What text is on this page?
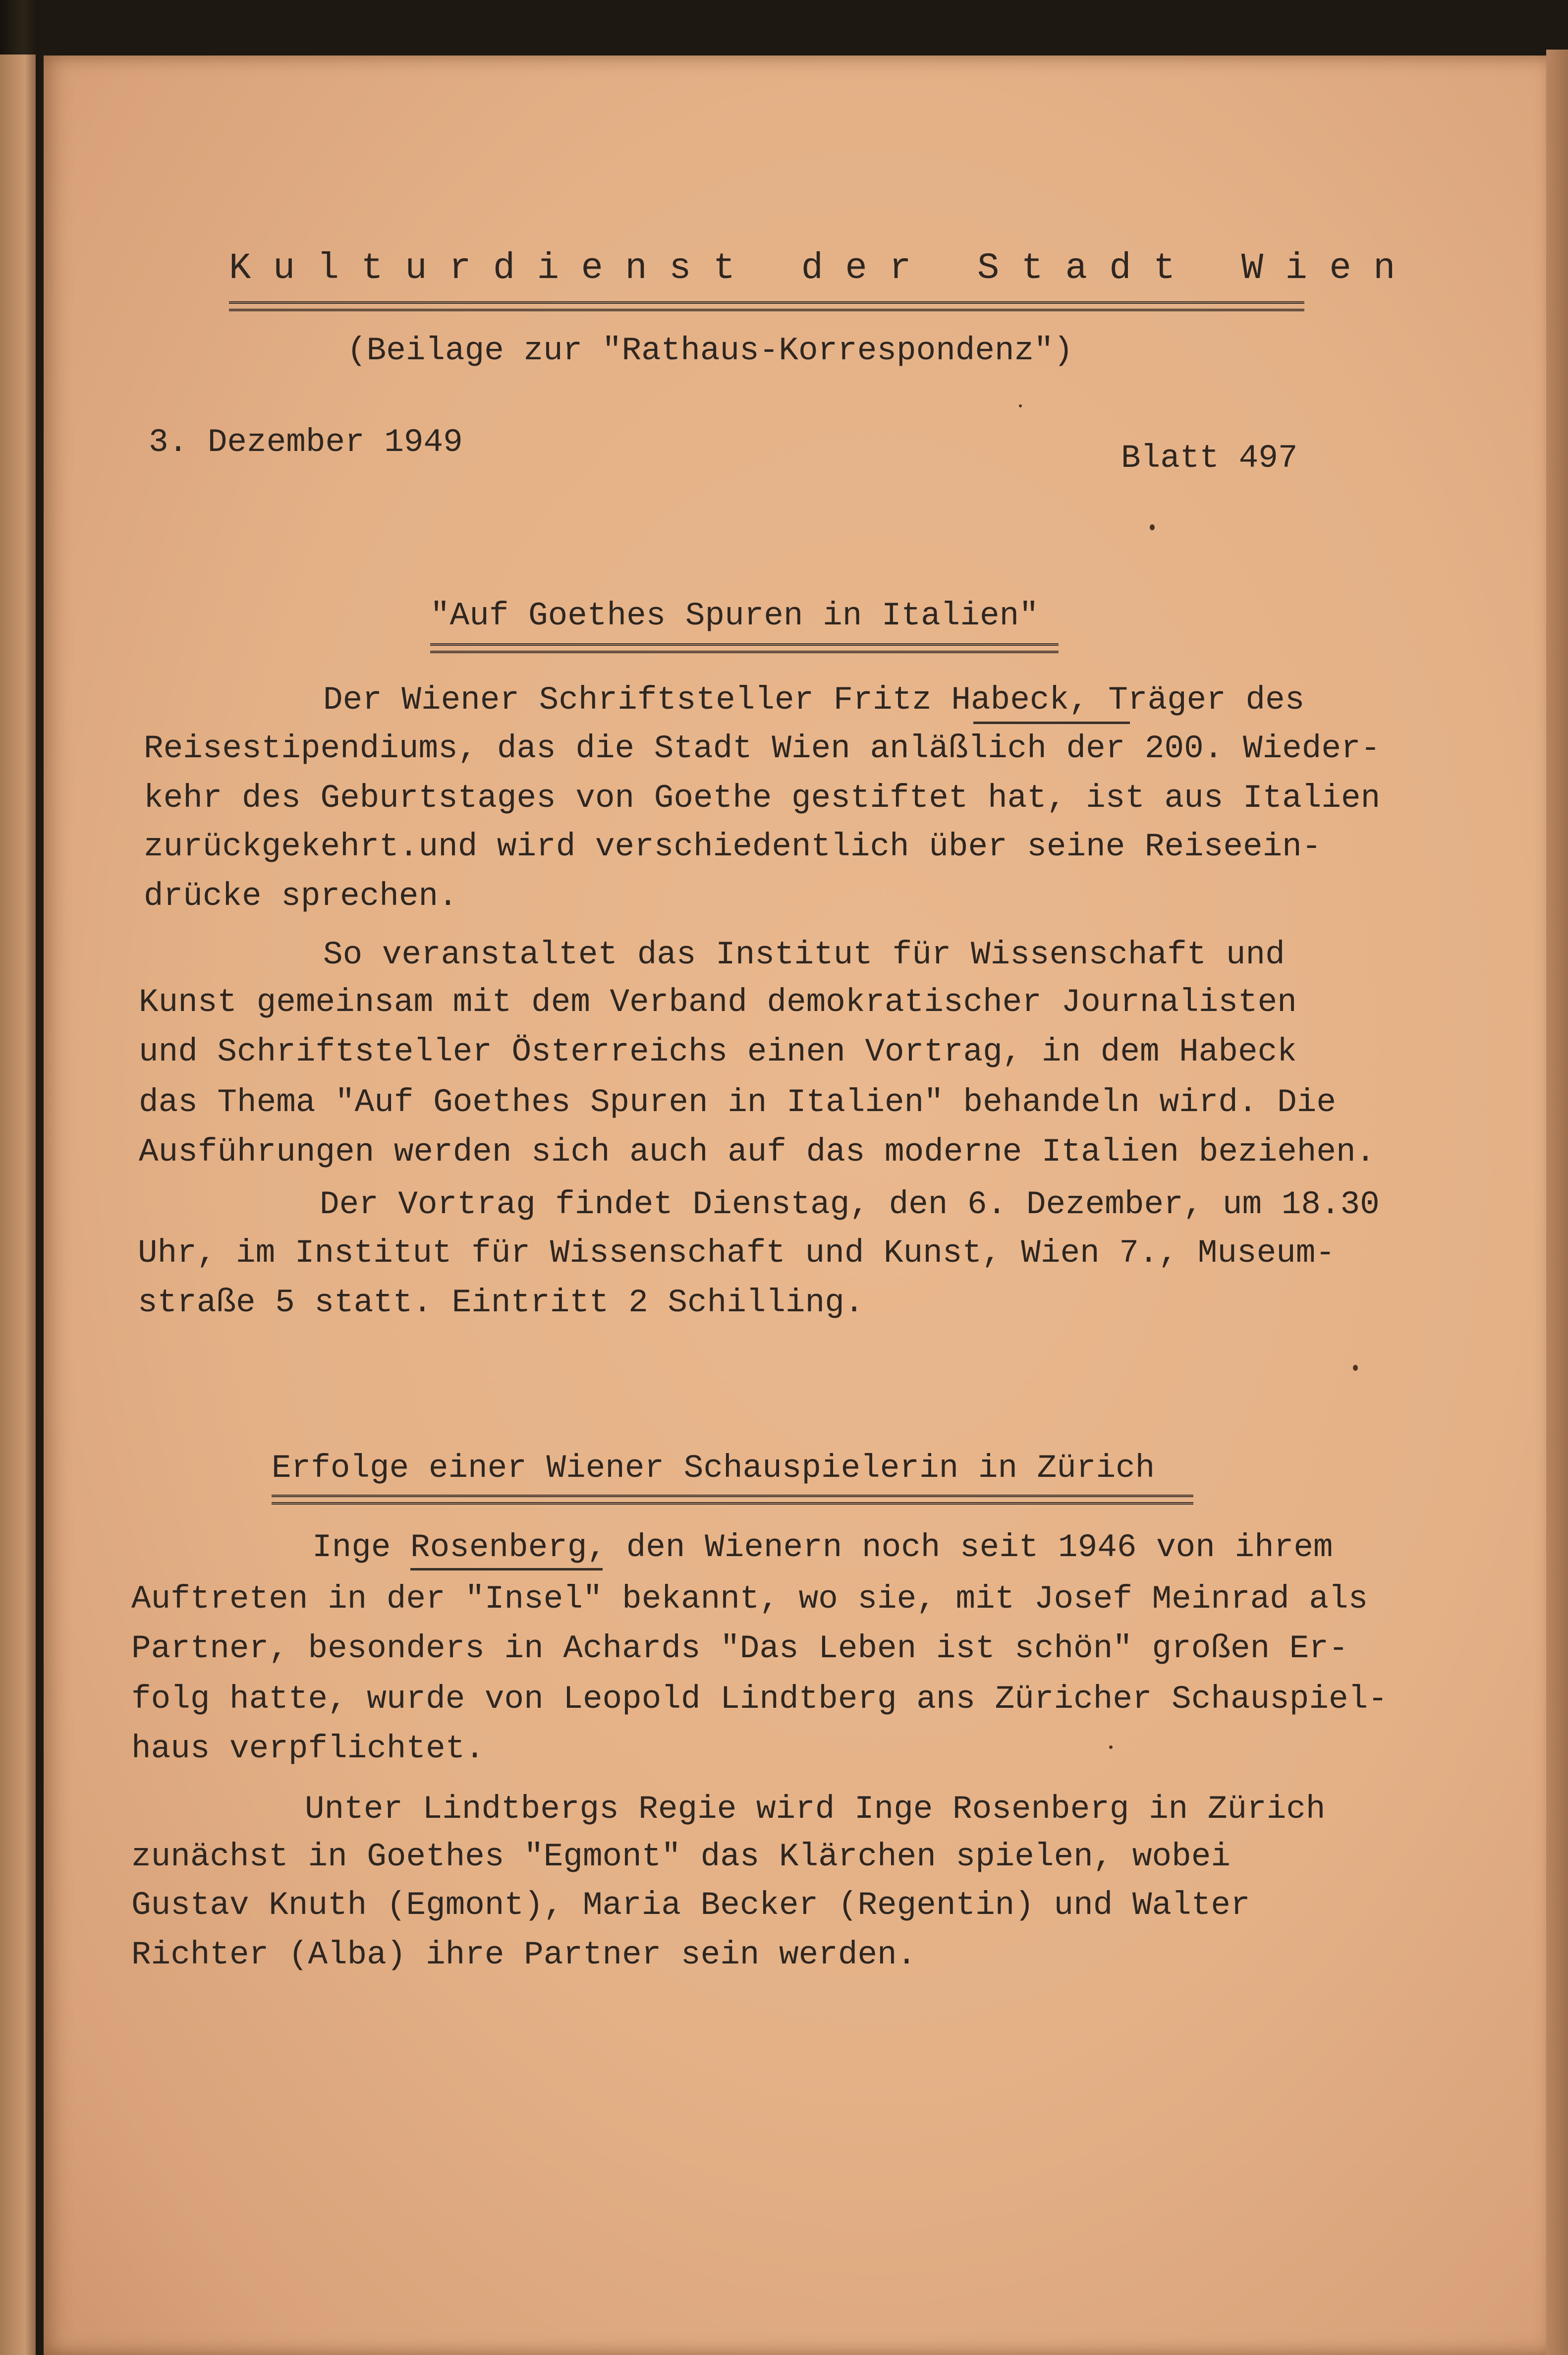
K u l t u r d i e n s t   d e r   S t a d t   W i e n

(Beilage zur "Rathaus-Korrespondenz")

3. Dezember 1949	Blatt 497

"Auf Goethes Spuren in Italien"

Der Wiener Schriftsteller Fritz Habeck, Träger des

Reisestipendiums, das die Stadt Wien anläßlich der 200. Wieder-

kehr des Geburtstages von Goethe gestiftet hat, ist aus Italien

zurückgekehrt.und wird verschiedentlich über seine Reiseein-

drücke sprechen.

So veranstaltet das Institut für Wissenschaft und

Kunst gemeinsam mit dem Verband demokratischer Journalisten

und Schriftsteller Österreichs einen Vortrag, in dem Habeck

das Thema "Auf Goethes Spuren in Italien" behandeln wird. Die

Ausführungen werden sich auch auf das moderne Italien beziehen.

Der Vortrag findet Dienstag, den 6. Dezember, um 18.30

Uhr, im Institut für Wissenschaft und Kunst, Wien 7., Museum-

straße 5 statt. Eintritt 2 Schilling.

Erfolge einer Wiener Schauspielerin in Zürich

Inge Rosenberg, den Wienern noch seit 1946 von ihrem

Auftreten in der "Insel" bekannt, wo sie, mit Josef Meinrad als

Partner, besonders in Achards "Das Leben ist schön" großen Er-

folg hatte, wurde von Leopold Lindtberg ans Züricher Schauspiel-

haus verpflichtet.

Unter Lindtbergs Regie wird Inge Rosenberg in Zürich

zunächst in Goethes "Egmont" das Klärchen spielen, wobei

Gustav Knuth (Egmont), Maria Becker (Regentin) und Walter

Richter (Alba) ihre Partner sein werden.
